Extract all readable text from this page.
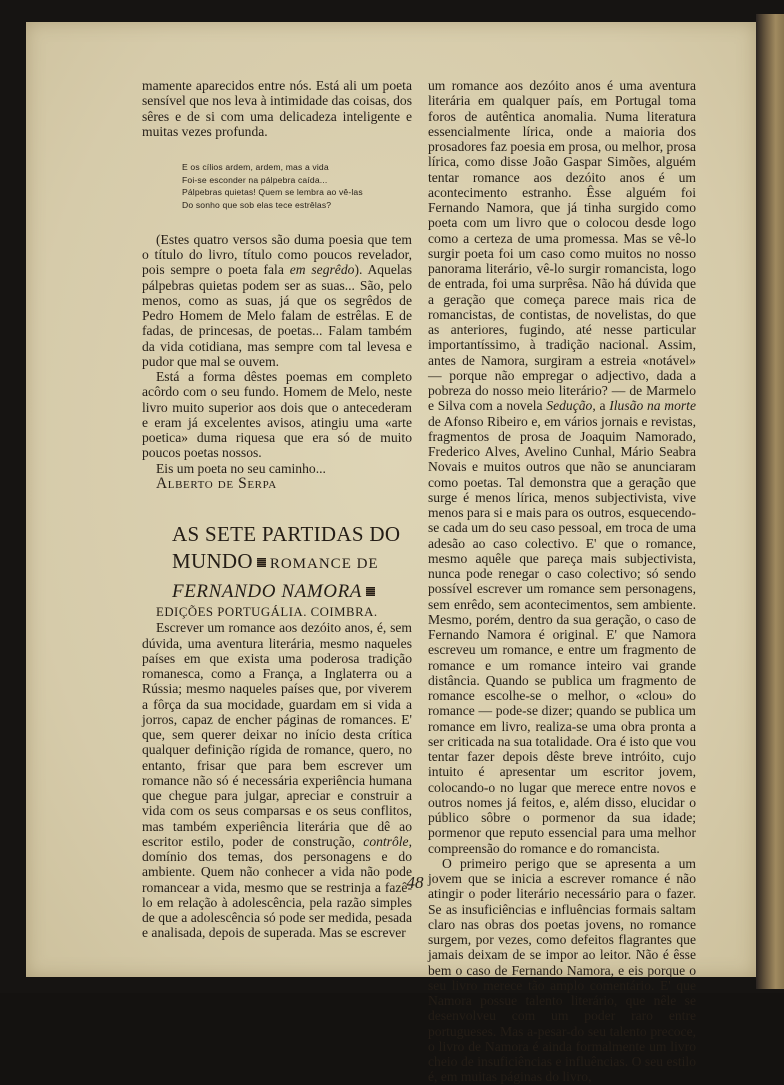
mamente aparecidos entre nós. Está ali um poeta sensível que nos leva à intimidade das coisas, dos sêres e de si com uma delicadeza inteligente e muitas vezes profunda.

E os cílios ardem, ardem, mas a vida
Foi-se esconder na pálpebra caída...
Pálpebras quietas! Quem se lembra ao vê-las
Do sonho que sob elas tece estrêlas?

(Estes quatro versos são duma poesia que tem o título do livro, título como poucos revelador, pois sempre o poeta fala em segrêdo). Aquelas pálpebras quietas podem ser as suas... São, pelo menos, como as suas, já que os segrêdos de Pedro Homem de Melo falam de estrêlas. E de fadas, de princesas, de poetas... Falam também da vida cotidiana, mas sempre com tal levesa e pudor que mal se ouvem.

Está a forma dêstes poemas em completo acôrdo com o seu fundo. Homem de Melo, neste livro muito superior aos dois que o antecederam e eram já excelentes avisos, atingiu uma «arte poetica» duma riquesa que era só de muito poucos poetas nossos.

Eis um poeta no seu caminho...

Alberto de Serpa

AS SETE PARTIDAS DO
MUNDO ROMANCE DE
FERNANDO NAMORA

EDIÇÕES PORTUGÁLIA. COIMBRA.

Escrever um romance aos dezóito anos, é, sem dúvida, uma aventura literária, mesmo naqueles países em que exista uma poderosa tradição romanesca, como a França, a Inglaterra ou a Rússia; mesmo naqueles países que, por viverem a fôrça da sua mocidade, guardam em si vida a jorros, capaz de encher páginas de romances. E' que, sem querer deixar no início desta crítica qualquer definição rígida de romance, quero, no entanto, frisar que para bem escrever um romance não só é necessária experiência humana que chegue para julgar, apreciar e construir a vida com os seus comparsas e os seus conflitos, mas também experiência literária que dê ao escritor estilo, poder de construção, contrôle, domínio dos temas, dos personagens e do ambiente. Quem não conhecer a vida não pode romancear a vida, mesmo que se restrinja a fazê-lo em relação à adolescência, pela razão simples de que a adolescência só pode ser medida, pesada e analisada, depois de superada. Mas se escrever

um romance aos dezóito anos é uma aventura literária em qualquer país, em Portugal toma foros de autêntica anomalia. Numa literatura essencialmente lírica, onde a maioria dos prosadores faz poesia em prosa, ou melhor, prosa lírica, como disse João Gaspar Simões, alguém tentar romance aos dezóito anos é um acontecimento estranho. Êsse alguém foi Fernando Namora, que já tinha surgido como poeta com um livro que o colocou desde logo como a certeza de uma promessa. Mas se vê-lo surgir poeta foi um caso como muitos no nosso panorama literário, vê-lo surgir romancista, logo de entrada, foi uma surprêsa. Não há dúvida que a geração que começa parece mais rica de romancistas, de contistas, de novelistas, do que as anteriores, fugindo, até nesse particular importantíssimo, à tradição nacional. Assim, antes de Namora, surgiram a estreia «notável» — porque não empregar o adjectivo, dada a pobreza do nosso meio literário? — de Marmelo e Silva com a novela Sedução, a Ilusão na morte de Afonso Ribeiro e, em vários jornais e revistas, fragmentos de prosa de Joaquim Namorado, Frederico Alves, Avelino Cunhal, Mário Seabra Novais e muitos outros que não se anunciaram como poetas. Tal demonstra que a geração que surge é menos lírica, menos subjectivista, vive menos para si e mais para os outros, esquecendo-se cada um do seu caso pessoal, em troca de uma adesão ao caso colectivo. E' que o romance, mesmo aquêle que pareça mais subjectivista, nunca pode renegar o caso colectivo; só sendo possível escrever um romance sem personagens, sem enrêdo, sem acontecimentos, sem ambiente. Mesmo, porém, dentro da sua geração, o caso de Fernando Namora é original. E' que Namora escreveu um romance, e entre um fragmento de romance e um romance inteiro vai grande distância. Quando se publica um fragmento de romance escolhe-se o melhor, o «clou» do romance — pode-se dizer; quando se publica um romance em livro, realiza-se uma obra pronta a ser criticada na sua totalidade. Ora é isto que vou tentar fazer depois dêste breve intróito, cujo intuito é apresentar um escritor jovem, colocando-o no lugar que merece entre novos e outros nomes já feitos, e, além disso, elucidar o público sôbre o pormenor da sua idade; pormenor que reputo essencial para uma melhor compreensão do romance e do romancista.

O primeiro perigo que se apresenta a um jovem que se inicia a escrever romance é não atingir o poder literário necessário para o fazer. Se as insuficiências e influências formais saltam claro nas obras dos poetas jovens, no romance surgem, por vezes, como defeitos flagrantes que jamais deixam de se impor ao leitor. Não é êsse bem o caso de Fernando Namora, e eis porque o seu livro merece tão amplo comentário. E' que Namora possue talento literário, que nêle se desenvolveu com um poder raro entre portugueses. Mas a-pesar-do seu talento precoce, o livro de Namora é ainda formalmente um livro cheio de insuficiências e influências. O seu estilo é, em muitas páginas do livro,

48
